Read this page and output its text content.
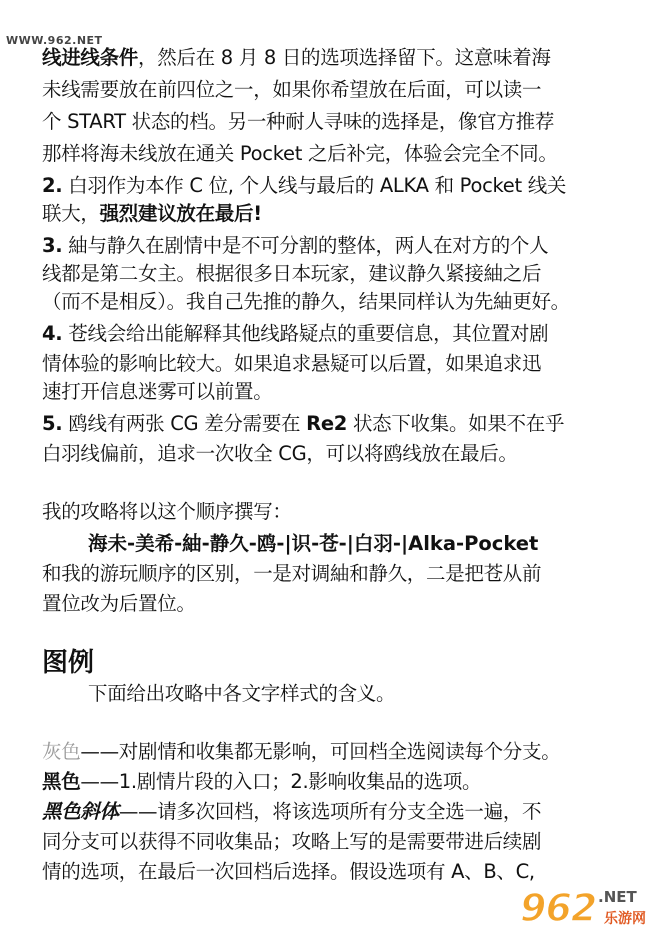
WWW.962.NET
线进线条件，然后在 8 月 8 日的选项选择留下。这意味着海
未线需要放在前四位之一，如果你希望放在后面，可以读一
个 START 状态的档。另一种耐人寻味的选择是，像官方推荐
那样将海未线放在通关 Pocket 之后补完，体验会完全不同。
2. 白羽作为本作 C 位, 个人线与最后的 ALKA 和 Pocket 线关
联大，强烈建议放在最后!
3. 紬与静久在剧情中是不可分割的整体，两人在对方的个人
线都是第二女主。根据很多日本玩家，建议静久紧接紬之后
（而不是相反）。我自己先推的静久，结果同样认为先紬更好。
4. 苍线会给出能解释其他线路疑点的重要信息，其位置对剧
情体验的影响比较大。如果追求悬疑可以后置，如果追求迅
速打开信息迷雾可以前置。
5. 鸥线有两张 CG 差分需要在 Re2 状态下收集。如果不在乎
白羽线偏前，追求一次收全 CG，可以将鸥线放在最后。
我的攻略将以这个顺序撰写：
海未-美希-紬-静久-鸥-|识-苍-|白羽-|Alka-Pocket
和我的游玩顺序的区别，一是对调紬和静久，二是把苍从前
置位改为后置位。
图例
下面给出攻略中各文字样式的含义。
灰色——对剧情和收集都无影响，可回档全选阅读每个分支。
黑色——1.剧情片段的入口；2.影响收集品的选项。
黑色斜体——请多次回档，将该选项所有分支全选一遍，不
同分支可以获得不同收集品；攻略上写的是需要带进后续剧
情的选项，在最后一次回档后选择。假设选项有 A、B、C,
962 .NET
乐游网
